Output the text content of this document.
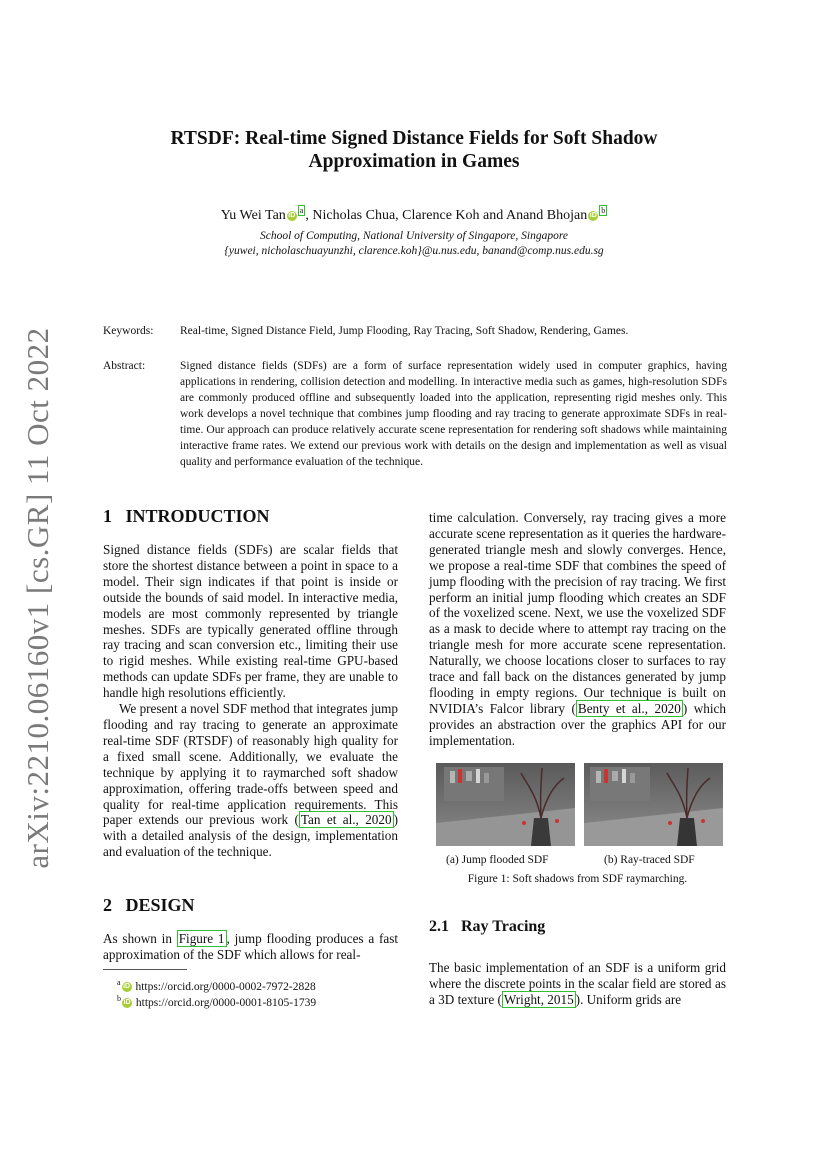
RTSDF: Real-time Signed Distance Fields for Soft Shadow
Approximation in Games
Yu Wei Tan iDa , Nicholas Chua, Clarence Koh and Anand Bhojan iDb
School of Computing, National University of Singapore, Singapore
{yuwei, nicholaschuayunzhi, clarence.koh}@u.nus.edu, banand@comp.nus.edu.sg
Keywords: Real-time, Signed Distance Field, Jump Flooding, Ray Tracing, Soft Shadow, Rendering, Games.
Abstract:	Signed distance fields (SDFs) are a form of surface representation widely used in computer graphics, having applications in rendering, collision detection and modelling. In interactive media such as games, high-resolution SDFs are commonly produced offline and subsequently loaded into the application, representing rigid meshes only. This work develops a novel technique that combines jump flooding and ray tracing to generate approximate SDFs in real-time. Our approach can produce relatively accurate scene representation for rendering soft shadows while maintaining interactive frame rates. We extend our previous work with details on the design and implementation as well as visual quality and performance evaluation of the technique.
arXiv:2210.06160v1 [cs.GR] 11 Oct 2022	1 INTRODUCTION

Signed distance fields (SDFs) are scalar fields that store the shortest distance between a point in space to a model. Their sign indicates if that point is inside or outside the bounds of said model. In interactive media, models are most commonly represented by triangle meshes. SDFs are typically generated offline through ray tracing and scan conversion etc., limiting their use to rigid meshes. While existing real-time GPU-based methods can update SDFs per frame, they are unable to handle high resolutions efficiently.

We present a novel SDF method that integrates jump flooding and ray tracing to generate an approximate real-time SDF (RTSDF) of reasonably high quality for a fixed small scene. Additionally, we evaluate the technique by applying it to raymarched soft shadow approximation, offering trade-offs between speed and quality for real-time application requirements. This paper extends our previous work ( Tan et al., 2020 ) with a detailed analysis of the design, implementation and evaluation of the technique.

2 DESIGN

As shown in Figure 1 , jump flooding produces a fast approximation of the SDF which allows for real-

$^a$ iD https://orcid.org/0000-0002-7972-2828
$^b$ iD https://orcid.org/0000-0001-8105-1739

time calculation. Conversely, ray tracing gives a more accurate scene representation as it queries the hardware-generated triangle mesh and slowly converges. Hence, we propose a real-time SDF that combines the speed of jump flooding with the precision of ray tracing. We first perform an initial jump flooding which creates an SDF of the voxelized scene. Next, we use the voxelized SDF as a mask to decide where to attempt ray tracing on the triangle mesh for more accurate scene representation. Naturally, we choose locations closer to surfaces to ray trace and fall back on the distances generated by jump flooding in empty regions. Our technique is built on NVIDIA’s Falcor library ( Benty et al., 2020 ) which provides an abstraction over the graphics API for our implementation.

(a) Jump flooded SDF	(b) Ray-traced SDF
Figure 1: Soft shadows from SDF raymarching.
2.1 Ray Tracing

The basic implementation of an SDF is a uniform grid where the discrete points in the scalar field are stored as a 3D texture ( Wright, 2015 ). Uniform grids are
